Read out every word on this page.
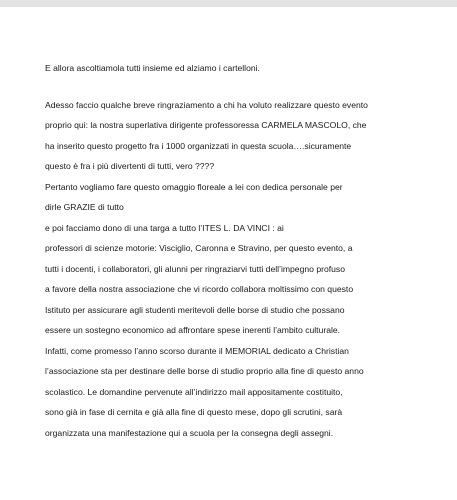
E allora ascoltiamola tutti insieme ed alziamo i cartelloni.

Adesso faccio qualche breve ringraziamento a chi ha voluto realizzare questo evento
proprio qui: la nostra superlativa dirigente professoressa CARMELA MASCOLO, che
ha inserito questo progetto fra i 1000 organizzati in questa scuola….sicuramente
questo è fra i più divertenti di tutti, vero ????
Pertanto vogliamo fare questo omaggio floreale a lei con dedica personale per
dirle GRAZIE di tutto
e poi facciamo dono di una targa a tutto l’ITES L. DA VINCI : ai
professori di scienze motorie: Visciglio, Caronna e Stravino, per questo evento, a
tutti i docenti, i collaboratori, gli alunni per ringraziarvi tutti dell’impegno profuso
a favore della nostra associazione che vi ricordo collabora moltissimo con questo
Istituto per assicurare agli studenti meritevoli delle borse di studio che possano
essere un sostegno economico ad affrontare spese inerenti l’ambito culturale.
Infatti, come promesso l’anno scorso durante il MEMORIAL dedicato a Christian
l’associazione sta per destinare delle borse di studio proprio alla fine di questo anno
scolastico. Le domandine pervenute all’indirizzo mail appositamente costituito,
sono già in fase di cernita e già alla fine di questo mese, dopo gli scrutini, sarà
organizzata una manifestazione qui a scuola per la consegna degli assegni.
